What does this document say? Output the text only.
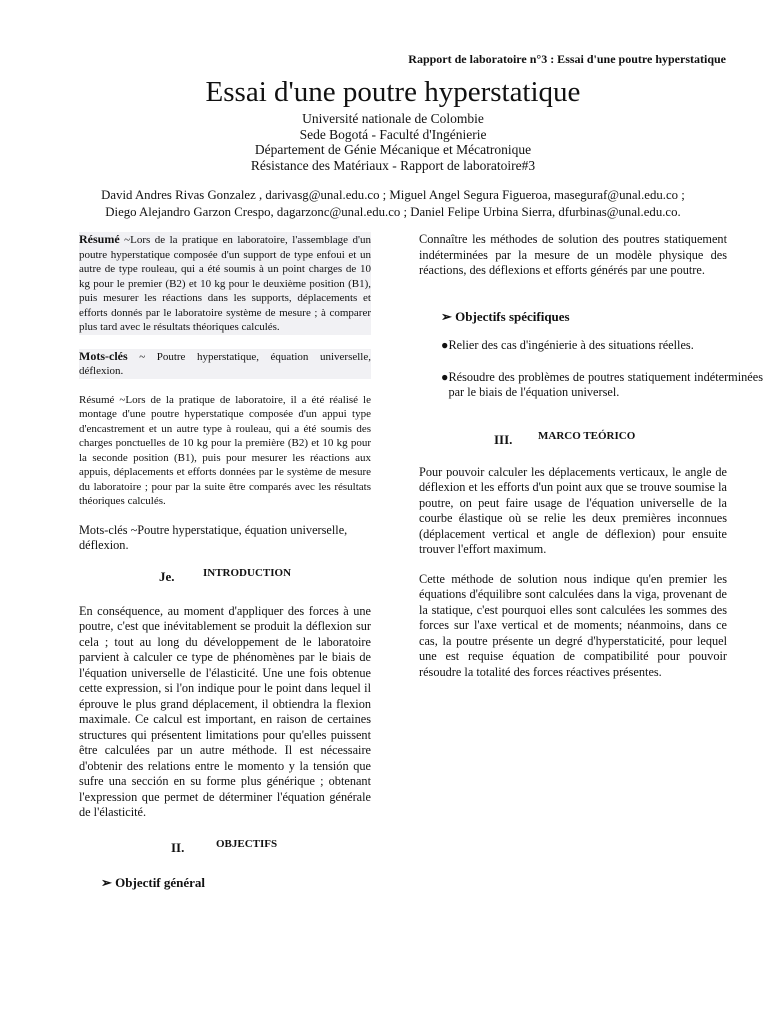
Rapport de laboratoire n°3 : Essai d'une poutre hyperstatique
Essai d'une poutre hyperstatique
Université nationale de Colombie
Sede Bogotá - Faculté d'Ingénierie
Département de Génie Mécanique et Mécatronique
Résistance des Matériaux - Rapport de laboratoire#3
David Andres Rivas Gonzalez , darivasg@unal.edu.co ; Miguel Angel Segura Figueroa, maseguraf@unal.edu.co ;
Diego Alejandro Garzon Crespo, dagarzonc@unal.edu.co ; Daniel Felipe Urbina Sierra, dfurbinas@unal.edu.co.

Résumé ~Lors de la pratique en laboratoire, l'assemblage d'un poutre hyperstatique composée d'un support de type enfoui et un autre de type rouleau, qui a été soumis à un point charges de 10 kg pour le premier (B2) et 10 kg pour le deuxième position (B1), puis mesurer les réactions dans les supports, déplacements et efforts donnés par le laboratoire système de mesure ; à comparer plus tard avec le résultats théoriques calculés.

Mots-clés ~ Poutre hyperstatique, équation universelle, déflexion.

Résumé ~Lors de la pratique de laboratoire, il a été réalisé le montage d'une poutre hyperstatique composée d'un appui type d'encastrement et un autre type à rouleau, qui a été soumis des charges ponctuelles de 10 kg pour la première (B2) et 10 kg pour la seconde position (B1), puis pour mesurer les réactions aux appuis, déplacements et efforts données par le système de mesure du laboratoire ; pour par la suite être comparés avec les résultats théoriques calculés.

Mots-clés ~Poutre hyperstatique, équation universelle, déflexion.

Je.	INTRODUCTION

En conséquence, au moment d'appliquer des forces à une poutre, c'est que inévitablement se produit la déflexion sur cela ; tout au long du développement de le laboratoire parvient à calculer ce type de phénomènes par le biais de l'équation universelle de l'élasticité. Une une fois obtenue cette expression, si l'on indique pour le point dans lequel il éprouve le plus grand déplacement, il obtiendra la flexion maximale. Ce calcul est important, en raison de certaines structures qui présentent limitations pour qu'elles puissent être calculées par un autre méthode. Il est nécessaire d'obtenir des relations entre le momento y la tensión que sufre una sección en su forme plus générique ; obtenant l'expression que permet de déterminer l'équation générale de l'élasticité.

II.	OBJECTIFS
➢ Objectif général

Connaître les méthodes de solution des poutres statiquement indéterminées par la mesure de un modèle physique des réactions, des déflexions et efforts générés par une poutre.

➢ Objectifs spécifiques
● Relier des cas d'ingénierie à des situations réelles.
● Résoudre des problèmes de poutres statiquement indéterminées par le biais de l'équation universel.
III. MARCO TEÓRICO

Pour pouvoir calculer les déplacements verticaux, le angle de déflexion et les efforts d'un point aux que se trouve soumise la poutre, on peut faire usage de l'équation universelle de la courbe élastique où se relie les deux premières inconnues (déplacement vertical et angle de déflexion) pour ensuite trouver l'effort maximum.

Cette méthode de solution nous indique qu'en premier les équations d'équilibre sont calculées dans la viga, provenant de la statique, c'est pourquoi elles sont calculées les sommes des forces sur l'axe vertical et de moments; néanmoins, dans ce cas, la poutre présente un degré d'hyperstaticité, pour lequel une est requise équation de compatibilité pour pouvoir résoudre la totalité des forces réactives présentes.
